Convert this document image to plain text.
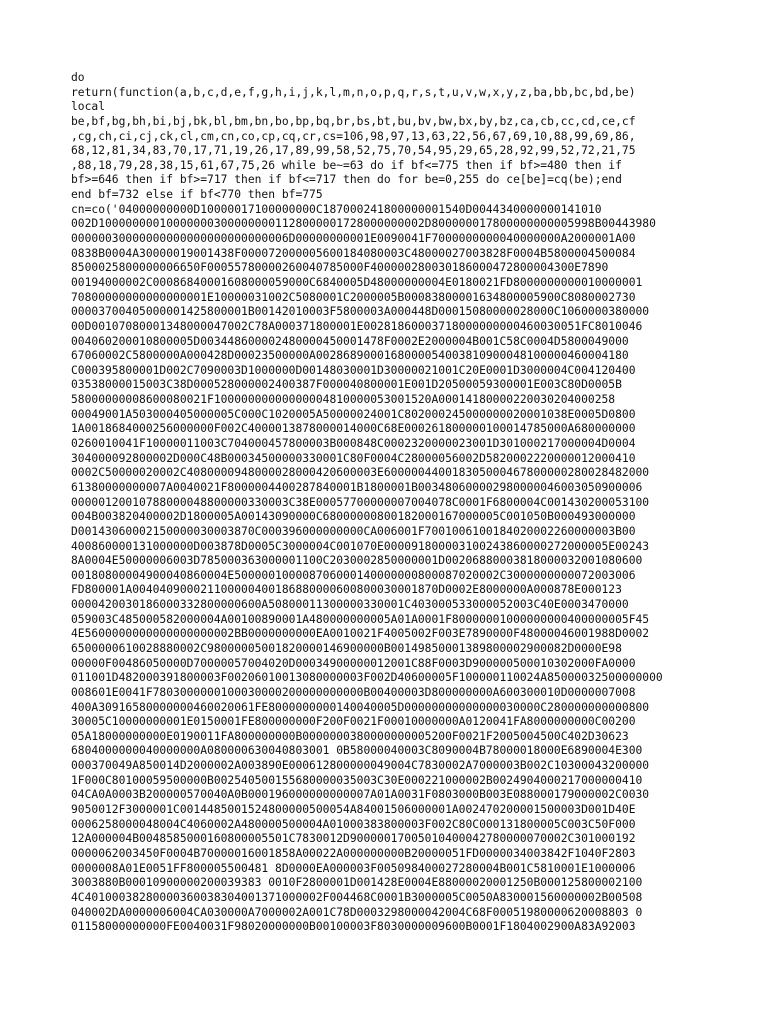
do
return(function(a,b,c,d,e,f,g,h,i,j,k,l,m,n,o,p,q,r,s,t,u,v,w,x,y,z,ba,bb,bc,bd,be)
local
be,bf,bg,bh,bi,bj,bk,bl,bm,bn,bo,bp,bq,br,bs,bt,bu,bv,bw,bx,by,bz,ca,cb,cc,cd,ce,cf
,cg,ch,ci,cj,ck,cl,cm,cn,co,cp,cq,cr,cs=106,98,97,13,63,22,56,67,69,10,88,99,69,86,
68,12,81,34,83,70,17,71,19,26,17,89,99,58,52,75,70,54,95,29,65,28,92,99,52,72,21,75
,88,18,79,28,38,15,61,67,75,26 while be~=63 do if bf<=775 then if bf>=480 then if
bf>=646 then if bf>=717 then if bf<=717 then do for be=0,255 do ce[be]=cq(be);end
end bf=732 else if bf<770 then bf=775
cn=co('04000000000D10000017100000000C187000241800000001540D0044340000000141010
002D100000000100000003000000001128000001728000000002D800000017800000000005998B00443980
00000030000000000000000000000006D00000000001E0090041F7000000000040000000A2000001A00
0838B0004A30000019001438F000072000005600184080003C48000027003828F0004B5800004500084
8500025800000006650F00055780000260040785000F400000280030186000472800004300E7890
00194000002C00086840001608000059000C6840005D48000000004E0180021FD8000000000010000001
70800000000000000001E10000031002C5080001C2000005B00083800001634800005900C8080002730
00003700405000001425800001B00142010003F5800003A000448D00015080000028000C1060000380000
00D00107080001348000047002C78A000371800001E00281860003718000000000460030051FC8010046
004060200010800005D003448600002480000450001478F0002E2000004B001C58C0004D5800049000
67060002C5800000A000428D00023500000A0028689000168000054003810900048100000460004180
C000395800001D002C7090003D1000000D00148030001D30000021001C20E0001D3000004C004120400
03538000015003C38D000528000002400387F000040800001E001D20500059300001E003C80D0005B
58000000008600080021F10000000000000004810000053001520A00014180000220030204000258
00049001A503000405000005C000C1020005A50000024001C802000245000000020001038E0005D0800
1A0018684000256000000F002C4000013878000014000C68E000261800000100014785000A680000000
0260010041F10000011003C704000457800003B000848C0002320000023001D301000217000004D0004
304000092800002D000C48B00034500000330001C80F0004C28000056002D5820002220000012000410
0002C50000020002C4080000948000028000420600003E600000440018305000467800000280028482000
61380000000007A0040021F8000004400287840001B1800001B003480600002980000046003050900006
00000120010788000048800000330003C38E00057700000007004078C0001F6800004C001430200053100
004B003820400002D1800005A00143090000C68000000800182000167000005C001050B000493000000
D00143060002150000030003870C000396000000000CA006001F7001006100184020002260000003B00
400860000131000000D003878D0005C3000004C001070E000091800003100243860000272000005E00243
8A0004E50000006003D785000363000001100C2030002850000001D00206880003818000032001080600
00180800004900040860004E500000100008706000140000000800087020002C3000000000072003006
FD800001A004040900021100000400186880000600800030001870D0002E8000000A000878E000123
0000420030186000332800000600A50800011300000330001C403000533000052003C40E0003470000
059003C485000582000004A00100890001A480000000005A01A0001F80000001000000000400000005F45
4E5600000000000000000002BB0000000000EA0010021F4005002F003E7890000F48000046001988D0002
6500000610028880002C98000005001820000146900000B00149850001389800002900082D0000E98
00000F00486050000D70000057004020D00034900000012001C88F0003D900000500010302000FA0000
011001D482000391800003F00206010013080000003F002D40600005F100000110024A85000032500000000
008601E0041F7803000000100030000200000000000B00400003D800000000A600300010D0000007008
400A30916580000000460020061FE8000000000140040005D00000000000000030000C280000000000800
30005C10000000001E0150001FE800000000F200F0021F00010000000A0120041FA8000000000C00200
05A18000000000E0190011FA800000000B0000000380000000005200F0021F2005004500C402D30623
6804000000040000000A080000630040803001 0B58000040003C8090004B78000018000E6890004E300
000370049A850014D2000002A003890E000612800000049004C7830002A7000003B002C10300043200000
1F000C80100059500000B002540500155680000035003C30E000221000002B0024904000217000000410
04CA0A0003B200000570040A0B000196000000000007A01A0031F0803000B003E088000179000002C0030
9050012F3000001C0014485001524800000500054A84001506000001A002470200001500003D001D40E
0006258000048004C4060002A480000500004A01000383800003F002C80C000131800005C003C50F000
12A000004B0048585000160800005501C7830012D90000017005010400042780000070002C301000192
0000062003450F0004B70000016001858A00022A000000000B20000051FD0000034003842F1040F2803
0000008A01E0051FF800005500481 8D0000EA000003F005098400027280004B001C5810001E1000006
3003880B00010900000200039383 0010F2800001D001428E0004E88000020001250B000125800002100
4C40100038280000360038304001371000002F004468C0001B3000005C0050A830001560000002B00508
040002DA0000006004CA030000A7000002A001C78D0003298000042004C68F00051980000620008803 0
01158000000000FE0040031F98020000000B00100003F8030000009600B0001F1804002900A83A92003
